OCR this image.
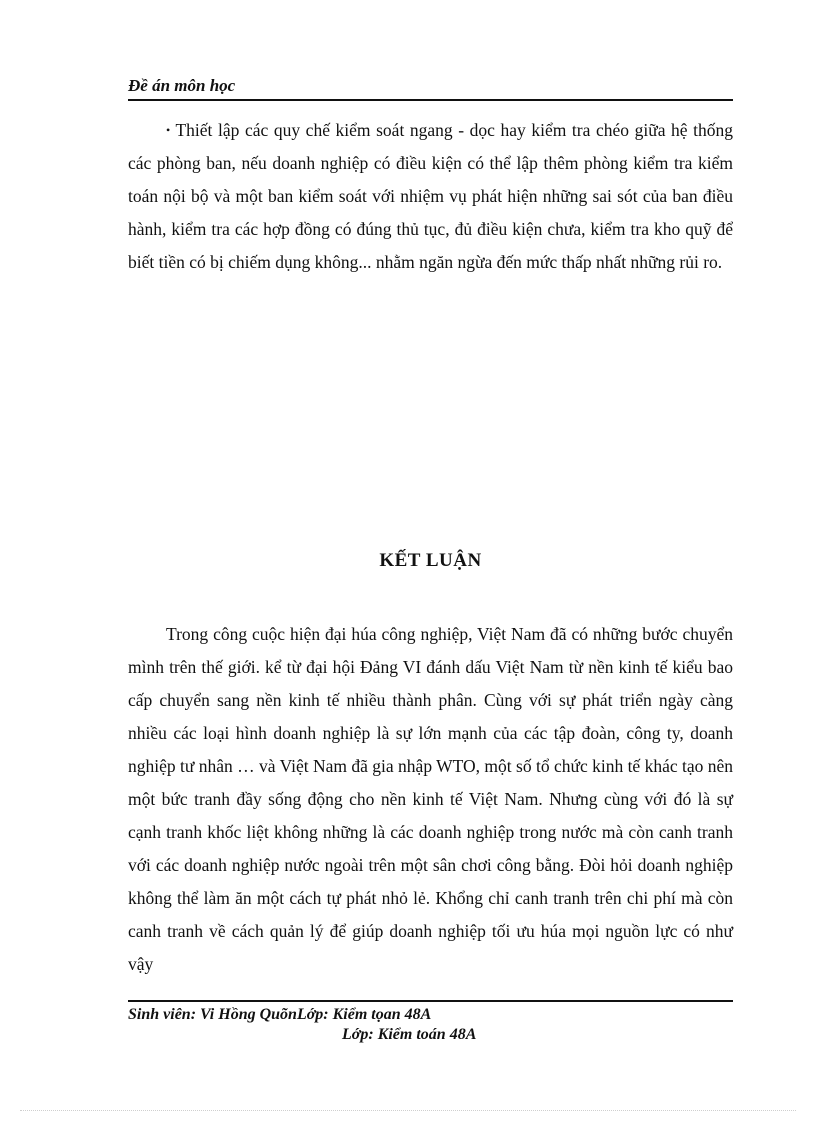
Đề án môn học

• Thiết lập các quy chế kiểm soát ngang - dọc hay kiểm tra chéo giữa hệ thống các phòng ban, nếu doanh nghiệp có điều kiện có thể lập thêm phòng kiểm tra kiểm toán nội bộ và một ban kiểm soát với nhiệm vụ phát hiện những sai sót của ban điều hành, kiểm tra các hợp đồng có đúng thủ tục, đủ điều kiện chưa, kiểm tra kho quỹ để biết tiền có bị chiếm dụng không... nhằm ngăn ngừa đến mức thấp nhất những rủi ro.

KẾT LUẬN

Trong công cuộc hiện đại húa công nghiệp, Việt Nam đã có những bước chuyển mình trên thế giới. kể từ đại hội Đảng VI đánh dấu Việt Nam từ nền kinh tế kiểu bao cấp chuyển sang nền kinh tế nhiều thành phân. Cùng với sự phát triển ngày càng nhiều các loại hình doanh nghiệp là sự lớn mạnh của các tập đoàn, công ty, doanh nghiệp tư nhân … và Việt Nam đã gia nhập WTO, một số tổ chức kinh tế khác tạo nên một bức tranh đầy sống động cho nền kinh tế Việt Nam. Nhưng cùng với đó là sự cạnh tranh khốc liệt không những là các doanh nghiệp trong nước mà còn canh tranh với các doanh nghiệp nước ngoài trên một sân chơi công bằng. Đòi hỏi doanh nghiệp không thể làm ăn một cách tự phát nhỏ lẻ. Khổng chỉ canh tranh trên chi phí mà còn canh tranh về cách quản lý để giúp doanh nghiệp tối ưu húa mọi nguồn lực có như vậy

Sinh viên: Vi Hồng QuõnLớp: Kiểm tọan 48A
Lớp: Kiểm toán 48A
